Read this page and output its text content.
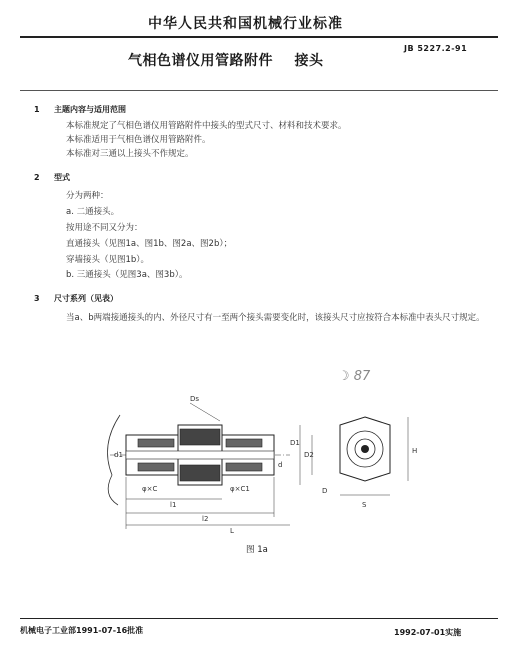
中华人民共和国机械行业标准
JB 5227.2-91
气相色谱仪用管路附件    接头
1 主题内容与适用范围
本标准规定了气相色谱仪用管路附件中接头的型式尺寸、材料和技术要求。
本标准适用于气相色谱仪用管路附件。
本标准对三通以上接头不作规定。
2 型式
分为两种：
a. 二通接头。
按用途不同又分为：
直通接头（见图1a、图1b、图2a、图2b）；
穿墙接头（见图1b）。
b. 三通接头（见图3a、图3b）。
3 尺寸系列（见表）
当a、b两端接通接头的内、外径尺寸有一至两个接头需要变化时，该接头尺寸应按符合本标准中表头尺寸规定。
☽ 87
Ds
d1
D1
D2
d
φ×C	φ×C1
l1
l2
L
S
H
D
图 1a
机械电子工业部1991-07-16批准	1992-07-01实施
